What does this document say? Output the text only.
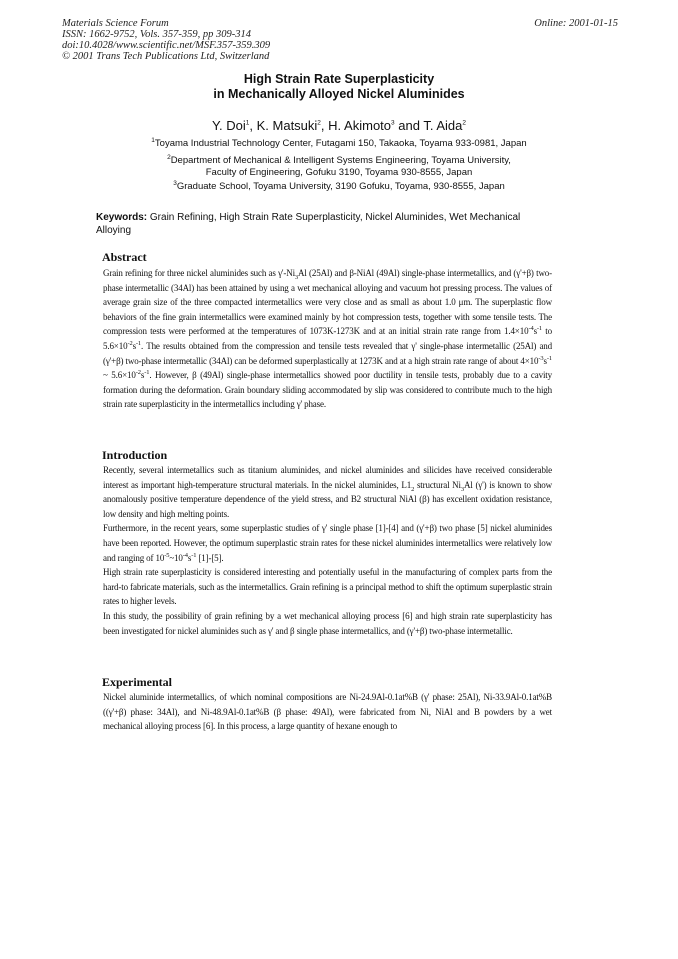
Materials Science Forum
ISSN: 1662-9752, Vols. 357-359, pp 309-314
doi:10.4028/www.scientific.net/MSF.357-359.309
© 2001 Trans Tech Publications Ltd, Switzerland
Online: 2001-01-15
High Strain Rate Superplasticity
in Mechanically Alloyed Nickel Aluminides
Y. Doi$^1$, K. Matsuki$^2$, H. Akimoto$^3$ and T. Aida$^2$
$^1$Toyama Industrial Technology Center, Futagami 150, Takaoka, Toyama 933-0981, Japan
$^2$Department of Mechanical & Intelligent Systems Engineering, Toyama University,
Faculty of Engineering, Gofuku 3190, Toyama 930-8555, Japan
$^3$Graduate School, Toyama University, 3190 Gofuku, Toyama, 930-8555, Japan
Keywords: Grain Refining, High Strain Rate Superplasticity, Nickel Aluminides, Wet Mechanical Alloying
Abstract

Grain refining for three nickel aluminides such as $\gamma'-Ni_3Al$ (25Al) and β-NiAl (49Al) single-phase intermetallics, and (γ'+β) two-phase intermetallic (34Al) has been attained by using a wet mechanical alloying and vacuum hot pressing process. The values of average grain size of the three compacted intermetallics were very close and as small as about 1.0 μm. The superplastic flow behaviors of the fine grain intermetallics were examined mainly by hot compression tests, together with some tensile tests. The compression tests were performed at the temperatures of 1073K-1273K and at an initial strain rate range from $1.4\times 10^{-4}s^{-1}$ to $5.6\times 10^{-2}s^{-1}$. The results obtained from the compression and tensile tests revealed that γ' single-phase intermetallic (25Al) and (γ'+β) two-phase intermetallic (34Al) can be deformed superplastically at 1273K and at a high strain rate range of about $4\times 10^{-3}s^{-1}$ ~ $5.6\times 10^{-2}s^{-1}$. However, β (49Al) single-phase intermetallics showed poor ductility in tensile tests, probably due to a cavity formation during the deformation. Grain boundary sliding accommodated by slip was considered to contribute much to the high strain rate superplasticity in the intermetallics including γ' phase.

Introduction

Recently, several intermetallics such as titanium aluminides, and nickel aluminides and silicides have received considerable interest as important high-temperature structural materials. In the nickel aluminides, $L1_2$ structural $Ni_3Al$ (γ') is known to show anomalously positive temperature dependence of the yield stress, and B2 structural NiAl (β) has excellent oxidation resistance, low density and high melting points.

Furthermore, in the recent years, some superplastic studies of γ' single phase [1]-[4] and (γ'+β) two phase [5] nickel aluminides have been reported. However, the optimum superplastic strain rates for these nickel aluminides intermetallics were relatively low and ranging of $10^{-5}\sim 10^{-4}s^{-1}$ [1]-[5].

High strain rate superplasticity is considered interesting and potentially useful in the manufacturing of complex parts from the hard-to fabricate materials, such as the intermetallics. Grain refining is a principal method to shift the optimum superplastic strain rates to higher levels.

In this study, the possibility of grain refining by a wet mechanical alloying process [6] and high strain rate superplasticity has been investigated for nickel aluminides such as γ' and β single phase intermetallics, and (γ'+β) two-phase intermetallic.

Experimental

Nickel aluminide intermetallics, of which nominal compositions are Ni-24.9Al-0.1at%B (γ' phase: 25Al), Ni-33.9Al-0.1at%B ((γ'+β) phase: 34Al), and Ni-48.9Al-0.1at%B (β phase: 49Al), were fabricated from Ni, NiAl and B powders by a wet mechanical alloying process [6]. In this process, a large quantity of hexane enough to
